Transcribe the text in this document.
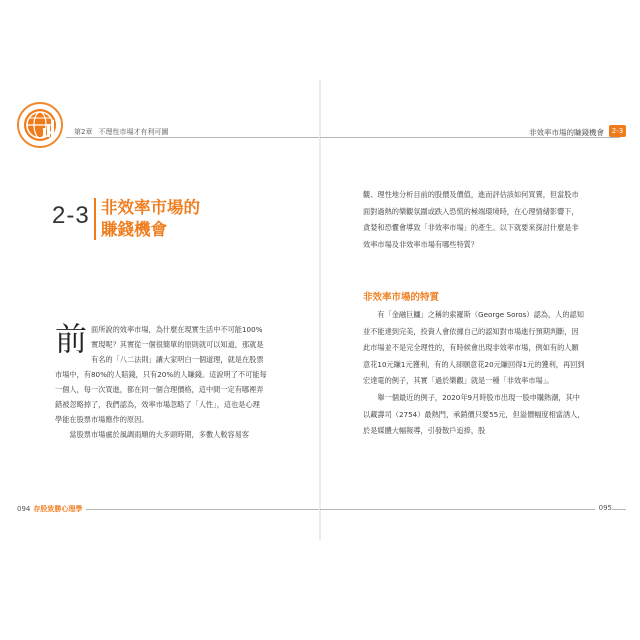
第2章 不理性市場才有利可圖
2-3 非效率市場的
賺錢機會

前 面所說的效率市場，為什麼在現實生活中不可能100%實現呢？其實從一個很簡單的原則就可以知道，那就是有名的「八二法則」讓大家明白一個道理，就是在股票市場中，有80%的人賠錢，只有20%的人賺錢。這說明了不可能每一個人，每一次買進，都在同一個合理價格，這中間一定有哪裡弄錯被忽略掉了，我們認為，效率市場忽略了「人性」，這也是心理學能在股票市場應作的原因。

當股票市場處於風調雨順的大多頭時期，多數人較容易客

094 存股致勝心理學
非效率市場的賺錢機會	2-3

觀、理性地分析目前的股價及價值，進而評估該如何買賣，但當股市面對過熱的樂觀氛圍或跌入恐慌的極端環境時，在心理情緒影響下，貪婪和恐懼會導致「非效率市場」的產生。以下就要來探討什麼是非效率市場及非效率市場有哪些特質？

非效率市場的特質

有「金融巨鱷」之稱的索羅斯（George Soros）認為，人的認知並不能達到完美，投資人會依據自己的認知對市場進行預期判斷，因此市場並不是完全理性的，有時候會出現非效率市場，例如有的人願意花10元賺1元獲利，有的人卻願意花20元賺回得1元的獲利，再回到宏達電的例子，其實「過於樂觀」就是一種「非效率市場」。

舉一個最近的例子，2020年9月時股市出現一股申購熱潮，其中以藏壽司（2754）最熱門，承銷價只要55元，但溢價幅度相當誘人，於是媒體大幅報導，引發散戶追捧，股

095
